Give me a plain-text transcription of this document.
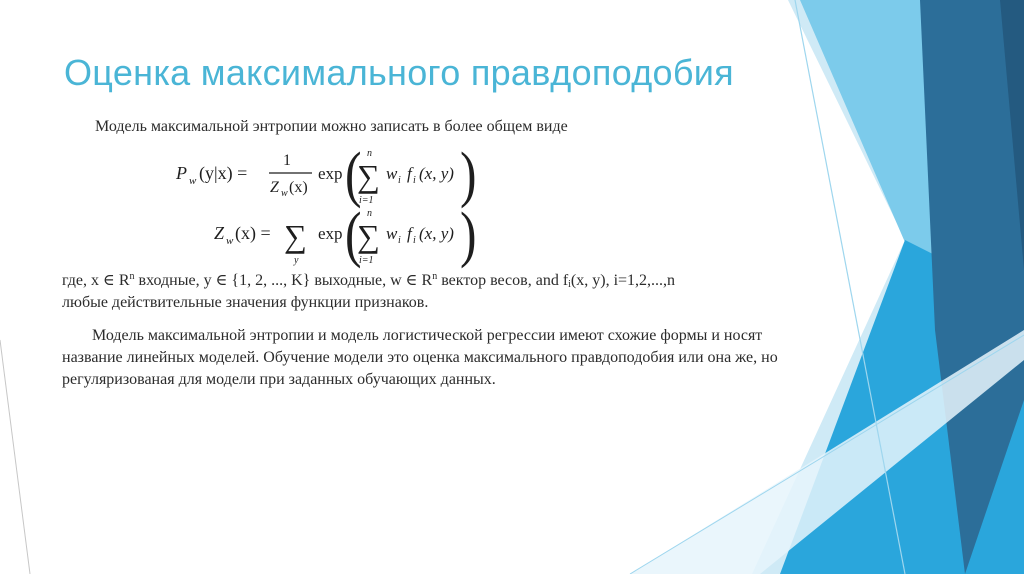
Оценка максимального правдоподобия

Модель максимальной энтропии можно записать в более общем виде

P w (y|x) =
1
Z w (x)
exp (
∑
n
i=1
w i f i (x, y) )
Z w (x) = ∑
y
exp (
∑
n
i=1
w i f i (x, y) )

где, x ∈ $R^n$ входные, y ∈ {1, 2, ..., K} выходные, w ∈ $R^n$ вектор весов, and $f_i(x$, y), i=1,2,...,n
любые действительные значения функции признаков.

Модель максимальной энтропии и модель логистической регрессии имеют схожие формы и носят название линейных моделей. Обучение модели это оценка максимального правдоподобия или она же, но регуляризованая для модели при заданных обучающих данных.
